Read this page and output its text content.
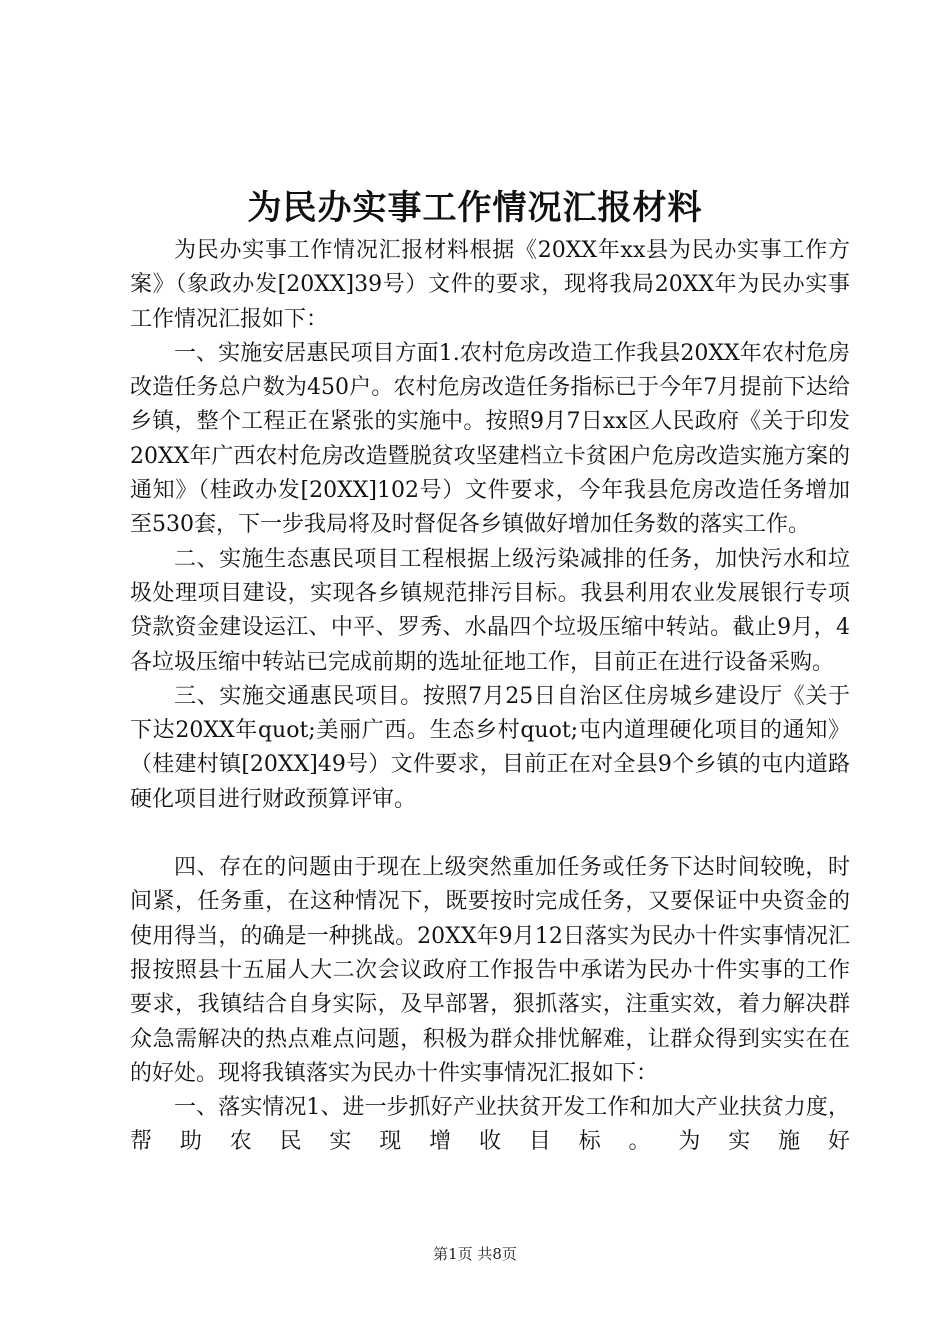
为民办实事工作情况汇报材料

为民办实事工作情况汇报材料根据《20XX年xx县为民办实事工作方案》（象政办发[20XX]39号）文件的要求，现将我局20XX年为民办实事工作情况汇报如下：

一、实施安居惠民项目方面1.农村危房改造工作我县20XX年农村危房改造任务总户数为450户。农村危房改造任务指标已于今年7月提前下达给乡镇，整个工程正在紧张的实施中。按照9月7日xx区人民政府《关于印发20XX年广西农村危房改造暨脱贫攻坚建档立卡贫困户危房改造实施方案的通知》（桂政办发[20XX]102号）文件要求，今年我县危房改造任务增加至530套，下一步我局将及时督促各乡镇做好增加任务数的落实工作。

二、实施生态惠民项目工程根据上级污染减排的任务，加快污水和垃圾处理项目建设，实现各乡镇规范排污目标。我县利用农业发展银行专项贷款资金建设运江、中平、罗秀、水晶四个垃圾压缩中转站。截止9月，4各垃圾压缩中转站已完成前期的选址征地工作，目前正在进行设备采购。

三、实施交通惠民项目。按照7月25日自治区住房城乡建设厅《关于下达20XX年quot;美丽广西。生态乡村quot;屯内道理硬化项目的通知》（桂建村镇[20XX]49号）文件要求，目前正在对全县9个乡镇的屯内道路硬化项目进行财政预算评审。

四、存在的问题由于现在上级突然重加任务或任务下达时间较晚，时间紧，任务重，在这种情况下，既要按时完成任务，又要保证中央资金的使用得当，的确是一种挑战。20XX年9月12日落实为民办十件实事情况汇报按照县十五届人大二次会议政府工作报告中承诺为民办十件实事的工作要求，我镇结合自身实际，及早部署，狠抓落实，注重实效，着力解决群众急需解决的热点难点问题，积极为群众排忧解难，让群众得到实实在在的好处。现将我镇落实为民办十件实事情况汇报如下：

一、落实情况1、进一步抓好产业扶贫开发工作和加大产业扶贫力度，帮助农民实现增收目标。为实施好

第1页 共8页
